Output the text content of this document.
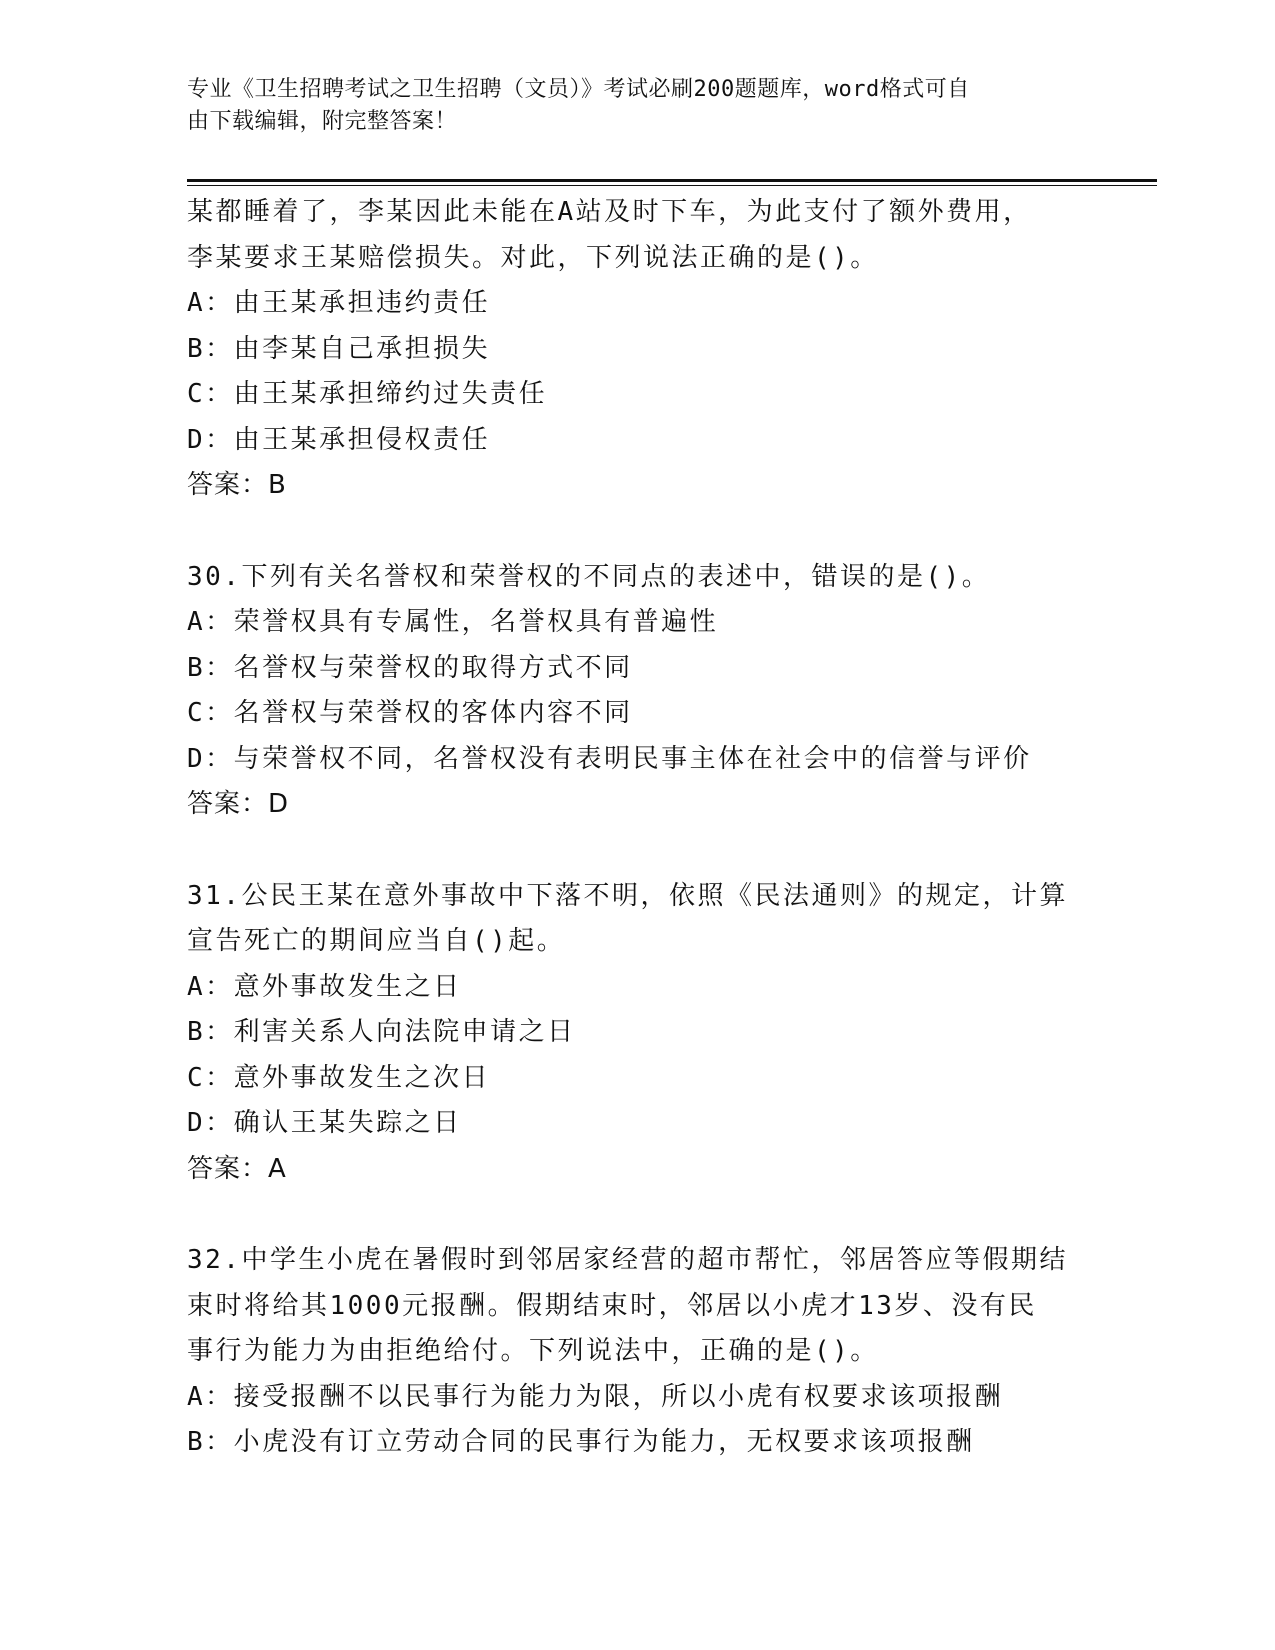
专业《卫生招聘考试之卫生招聘（文员）》考试必刷200题题库，word格式可自
由下载编辑，附完整答案！
某都睡着了，李某因此未能在A站及时下车，为此支付了额外费用，
李某要求王某赔偿损失。对此，下列说法正确的是()。
A：由王某承担违约责任
B：由李某自己承担损失
C：由王某承担缔约过失责任
D：由王某承担侵权责任
答案：B
30.下列有关名誉权和荣誉权的不同点的表述中，错误的是()。
A：荣誉权具有专属性，名誉权具有普遍性
B：名誉权与荣誉权的取得方式不同
C：名誉权与荣誉权的客体内容不同
D：与荣誉权不同，名誉权没有表明民事主体在社会中的信誉与评价
答案：D
31.公民王某在意外事故中下落不明，依照《民法通则》的规定，计算
宣告死亡的期间应当自()起。
A：意外事故发生之日
B：利害关系人向法院申请之日
C：意外事故发生之次日
D：确认王某失踪之日
答案：A
32.中学生小虎在暑假时到邻居家经营的超市帮忙，邻居答应等假期结
束时将给其1000元报酬。假期结束时，邻居以小虎才13岁、没有民
事行为能力为由拒绝给付。下列说法中，正确的是()。
A：接受报酬不以民事行为能力为限，所以小虎有权要求该项报酬
B：小虎没有订立劳动合同的民事行为能力，无权要求该项报酬
